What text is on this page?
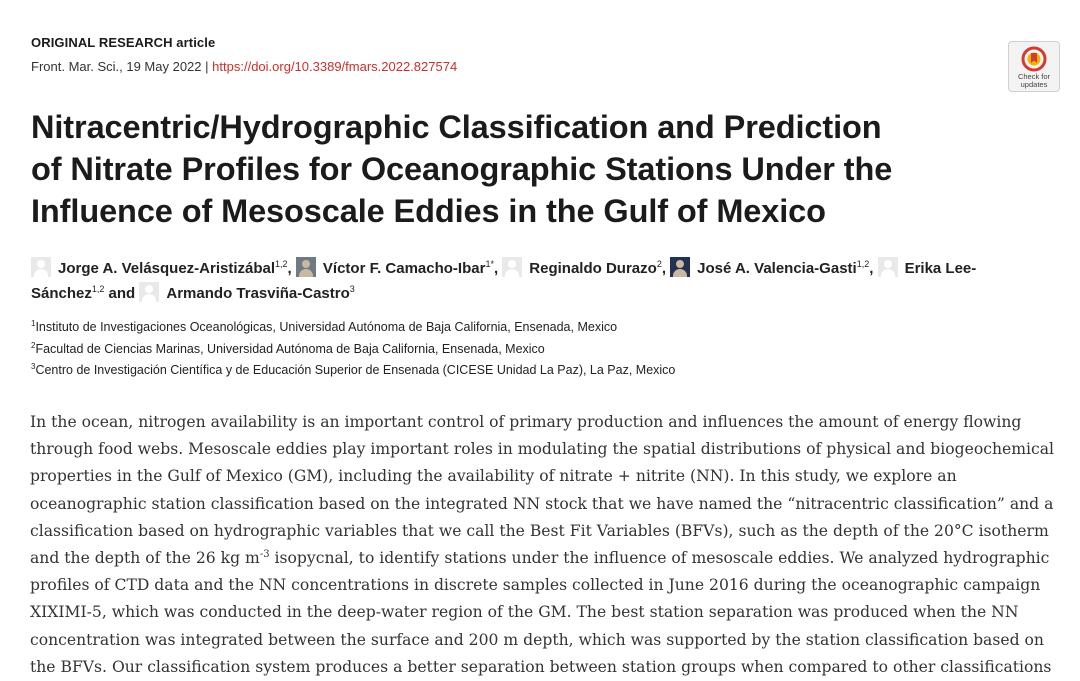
ORIGINAL RESEARCH article
Front. Mar. Sci., 19 May 2022 | https://doi.org/10.3389/fmars.2022.827574
Check for
updates
Nitracentric/Hydrographic Classification and Prediction
of Nitrate Profiles for Oceanographic Stations Under the
Influence of Mesoscale Eddies in the Gulf of Mexico
Jorge A. Velásquez-Aristizábal$^{1,2}$, Víctor F. Camacho-Ibar$^{1*}$, Reginaldo Durazo$^2$, José A. Valencia-Gasti$^{1,2}$, Erika Lee-
Sánchez$^{1,2}$ and Armando Trasviña-Castro$^3$
$^1$Instituto de Investigaciones Oceanológicas, Universidad Autónoma de Baja California, Ensenada, Mexico
$^2$Facultad de Ciencias Marinas, Universidad Autónoma de Baja California, Ensenada, Mexico
$^3$Centro de Investigación Científica y de Educación Superior de Ensenada (CICESE Unidad La Paz), La Paz, Mexico

In the ocean, nitrogen availability is an important control of primary production and influences the amount of energy flowing
through food webs. Mesoscale eddies play important roles in modulating the spatial distributions of physical and biogeochemical
properties in the Gulf of Mexico (GM), including the availability of nitrate + nitrite (NN). In this study, we explore an
oceanographic station classification based on the integrated NN stock that we have named the “nitracentric classification” and a
classification based on hydrographic variables that we call the Best Fit Variables (BFVs), such as the depth of the 20°C isotherm
and the depth of the 26 kg $m^{-3}$ isopycnal, to identify stations under the influence of mesoscale eddies. We analyzed hydrographic
profiles of CTD data and the NN concentrations in discrete samples collected in June 2016 during the oceanographic campaign
XIXIMI-5, which was conducted in the deep-water region of the GM. The best station separation was produced when the NN
concentration was integrated between the surface and 200 m depth, which was supported by the station classification based on
the BFVs. Our classification system produces a better separation between station groups when compared to other classifications
